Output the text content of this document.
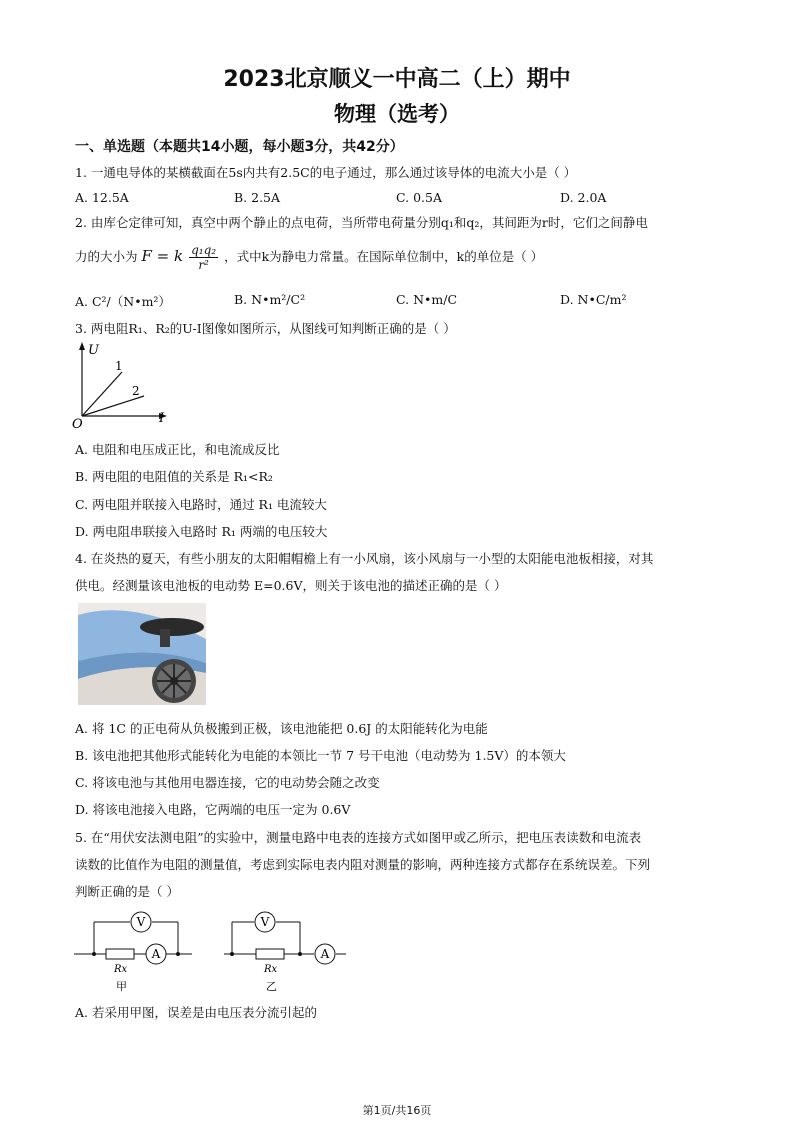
2023北京顺义一中高二（上）期中
物理（选考）
一、单选题（本题共14小题，每小题3分，共42分）
1. 一通电导体的某横截面在5s内共有2.5C的电子通过，那么通过该导体的电流大小是（ ）
A. 12.5A	B. 2.5A	C. 0.5A	D. 2.0A
2. 由库仑定律可知，真空中两个静止的点电荷，当所带电荷量分别q₁和q₂，其间距为r时，它们之间静电
力的大小为 F = k $\frac{\text{q₁q₂}}{\text{r²}}$ ，式中k为静电力常量。在国际单位制中，k的单位是（ ）
A. C²/（N•m²）	B. N•m²/C²	C. N•m/C	D. N•C/m²
3. 两电阻R₁、R₂的U-I图像如图所示，从图线可知判断正确的是（ ）
U
I
O
1
2
A. 电阻和电压成正比，和电流成反比
B. 两电阻的电阻值的关系是 R₁<R₂
C. 两电阻并联接入电路时，通过 R₁ 电流较大
D. 两电阻串联接入电路时 R₁ 两端的电压较大
4. 在炎热的夏天，有些小朋友的太阳帽帽檐上有一小风扇，该小风扇与一小型的太阳能电池板相接，对其
供电。经测量该电池板的电动势 E=0.6V，则关于该电池的描述正确的是（ ）
A. 将 1C 的正电荷从负极搬到正极，该电池能把 0.6J 的太阳能转化为电能
B. 该电池把其他形式能转化为电能的本领比一节 7 号干电池（电动势为 1.5V）的本领大
C. 将该电池与其他用电器连接，它的电动势会随之改变
D. 将该电池接入电路，它两端的电压一定为 0.6V
5. 在“用伏安法测电阻”的实验中，测量电路中电表的连接方式如图甲或乙所示，把电压表读数和电流表
读数的比值作为电阻的测量值，考虑到实际电表内阻对测量的影响，两种连接方式都存在系统误差。下列
判断正确的是（ ）
V
A
Rx
甲
V
A
Rx
乙
A. 若采用甲图，误差是由电压表分流引起的
第1页/共16页
